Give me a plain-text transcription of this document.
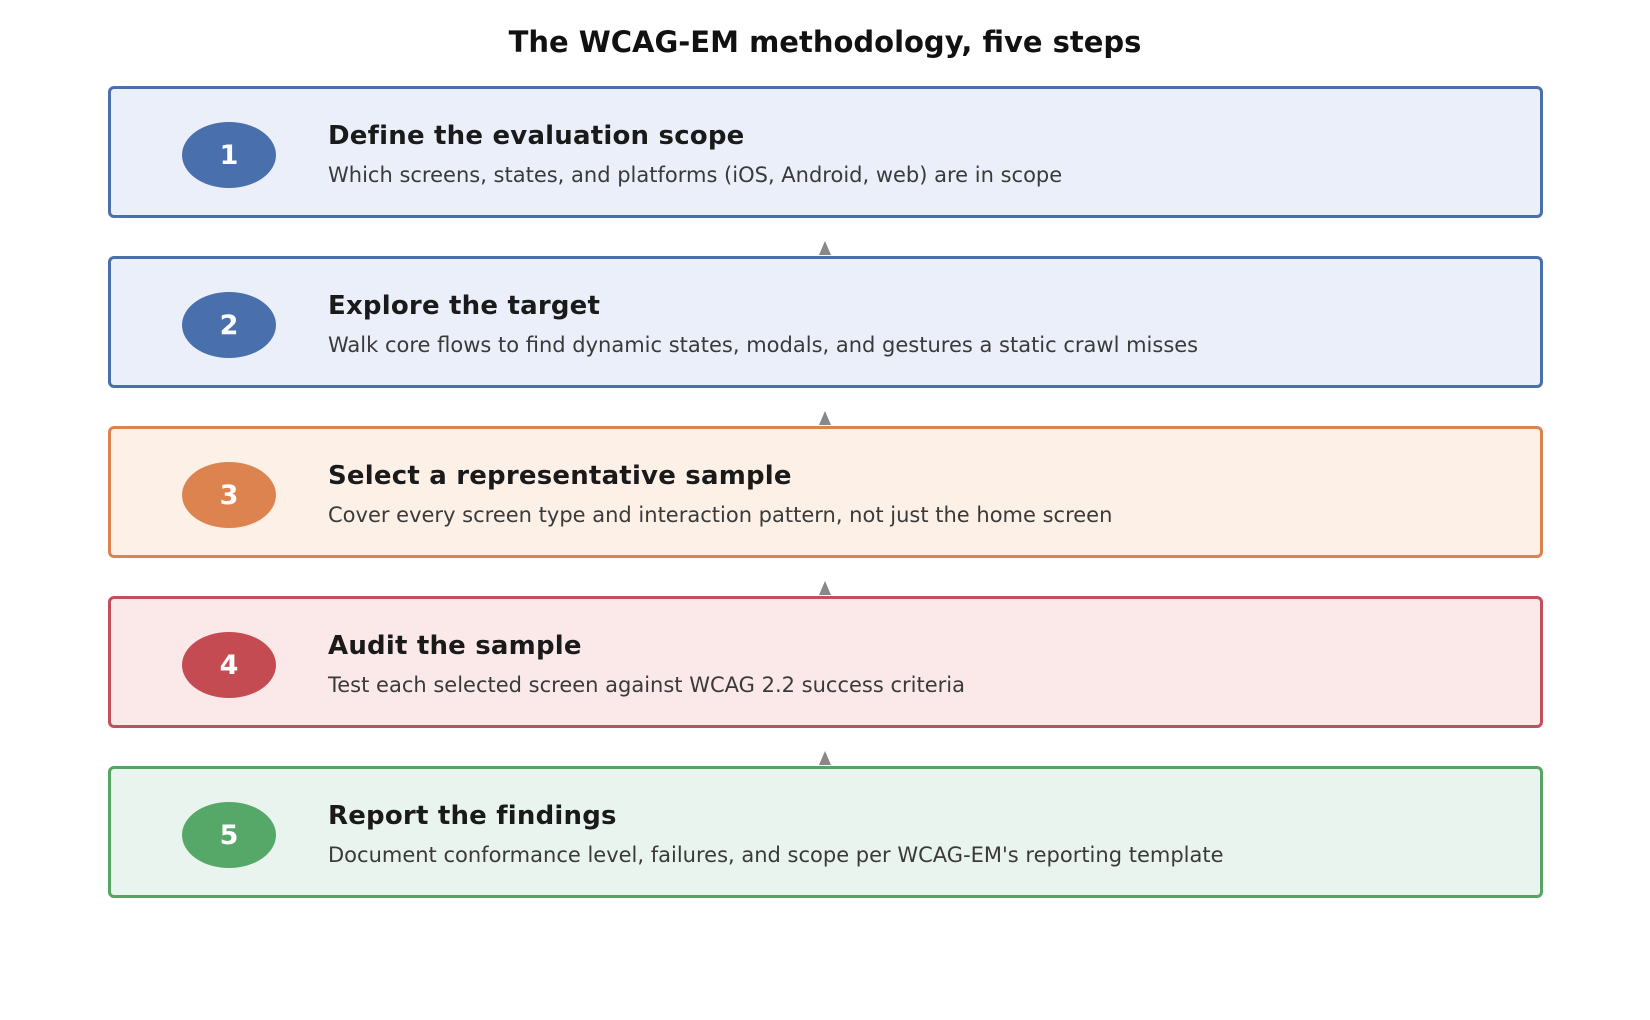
The WCAG-EM methodology, five steps
1
Define the evaluation scope
Which screens, states, and platforms (iOS, Android, web) are in scope
2
Explore the target
Walk core flows to find dynamic states, modals, and gestures a static crawl misses
3
Select a representative sample
Cover every screen type and interaction pattern, not just the home screen
4
Audit the sample
Test each selected screen against WCAG 2.2 success criteria
5
Report the findings
Document conformance level, failures, and scope per WCAG-EM's reporting template
